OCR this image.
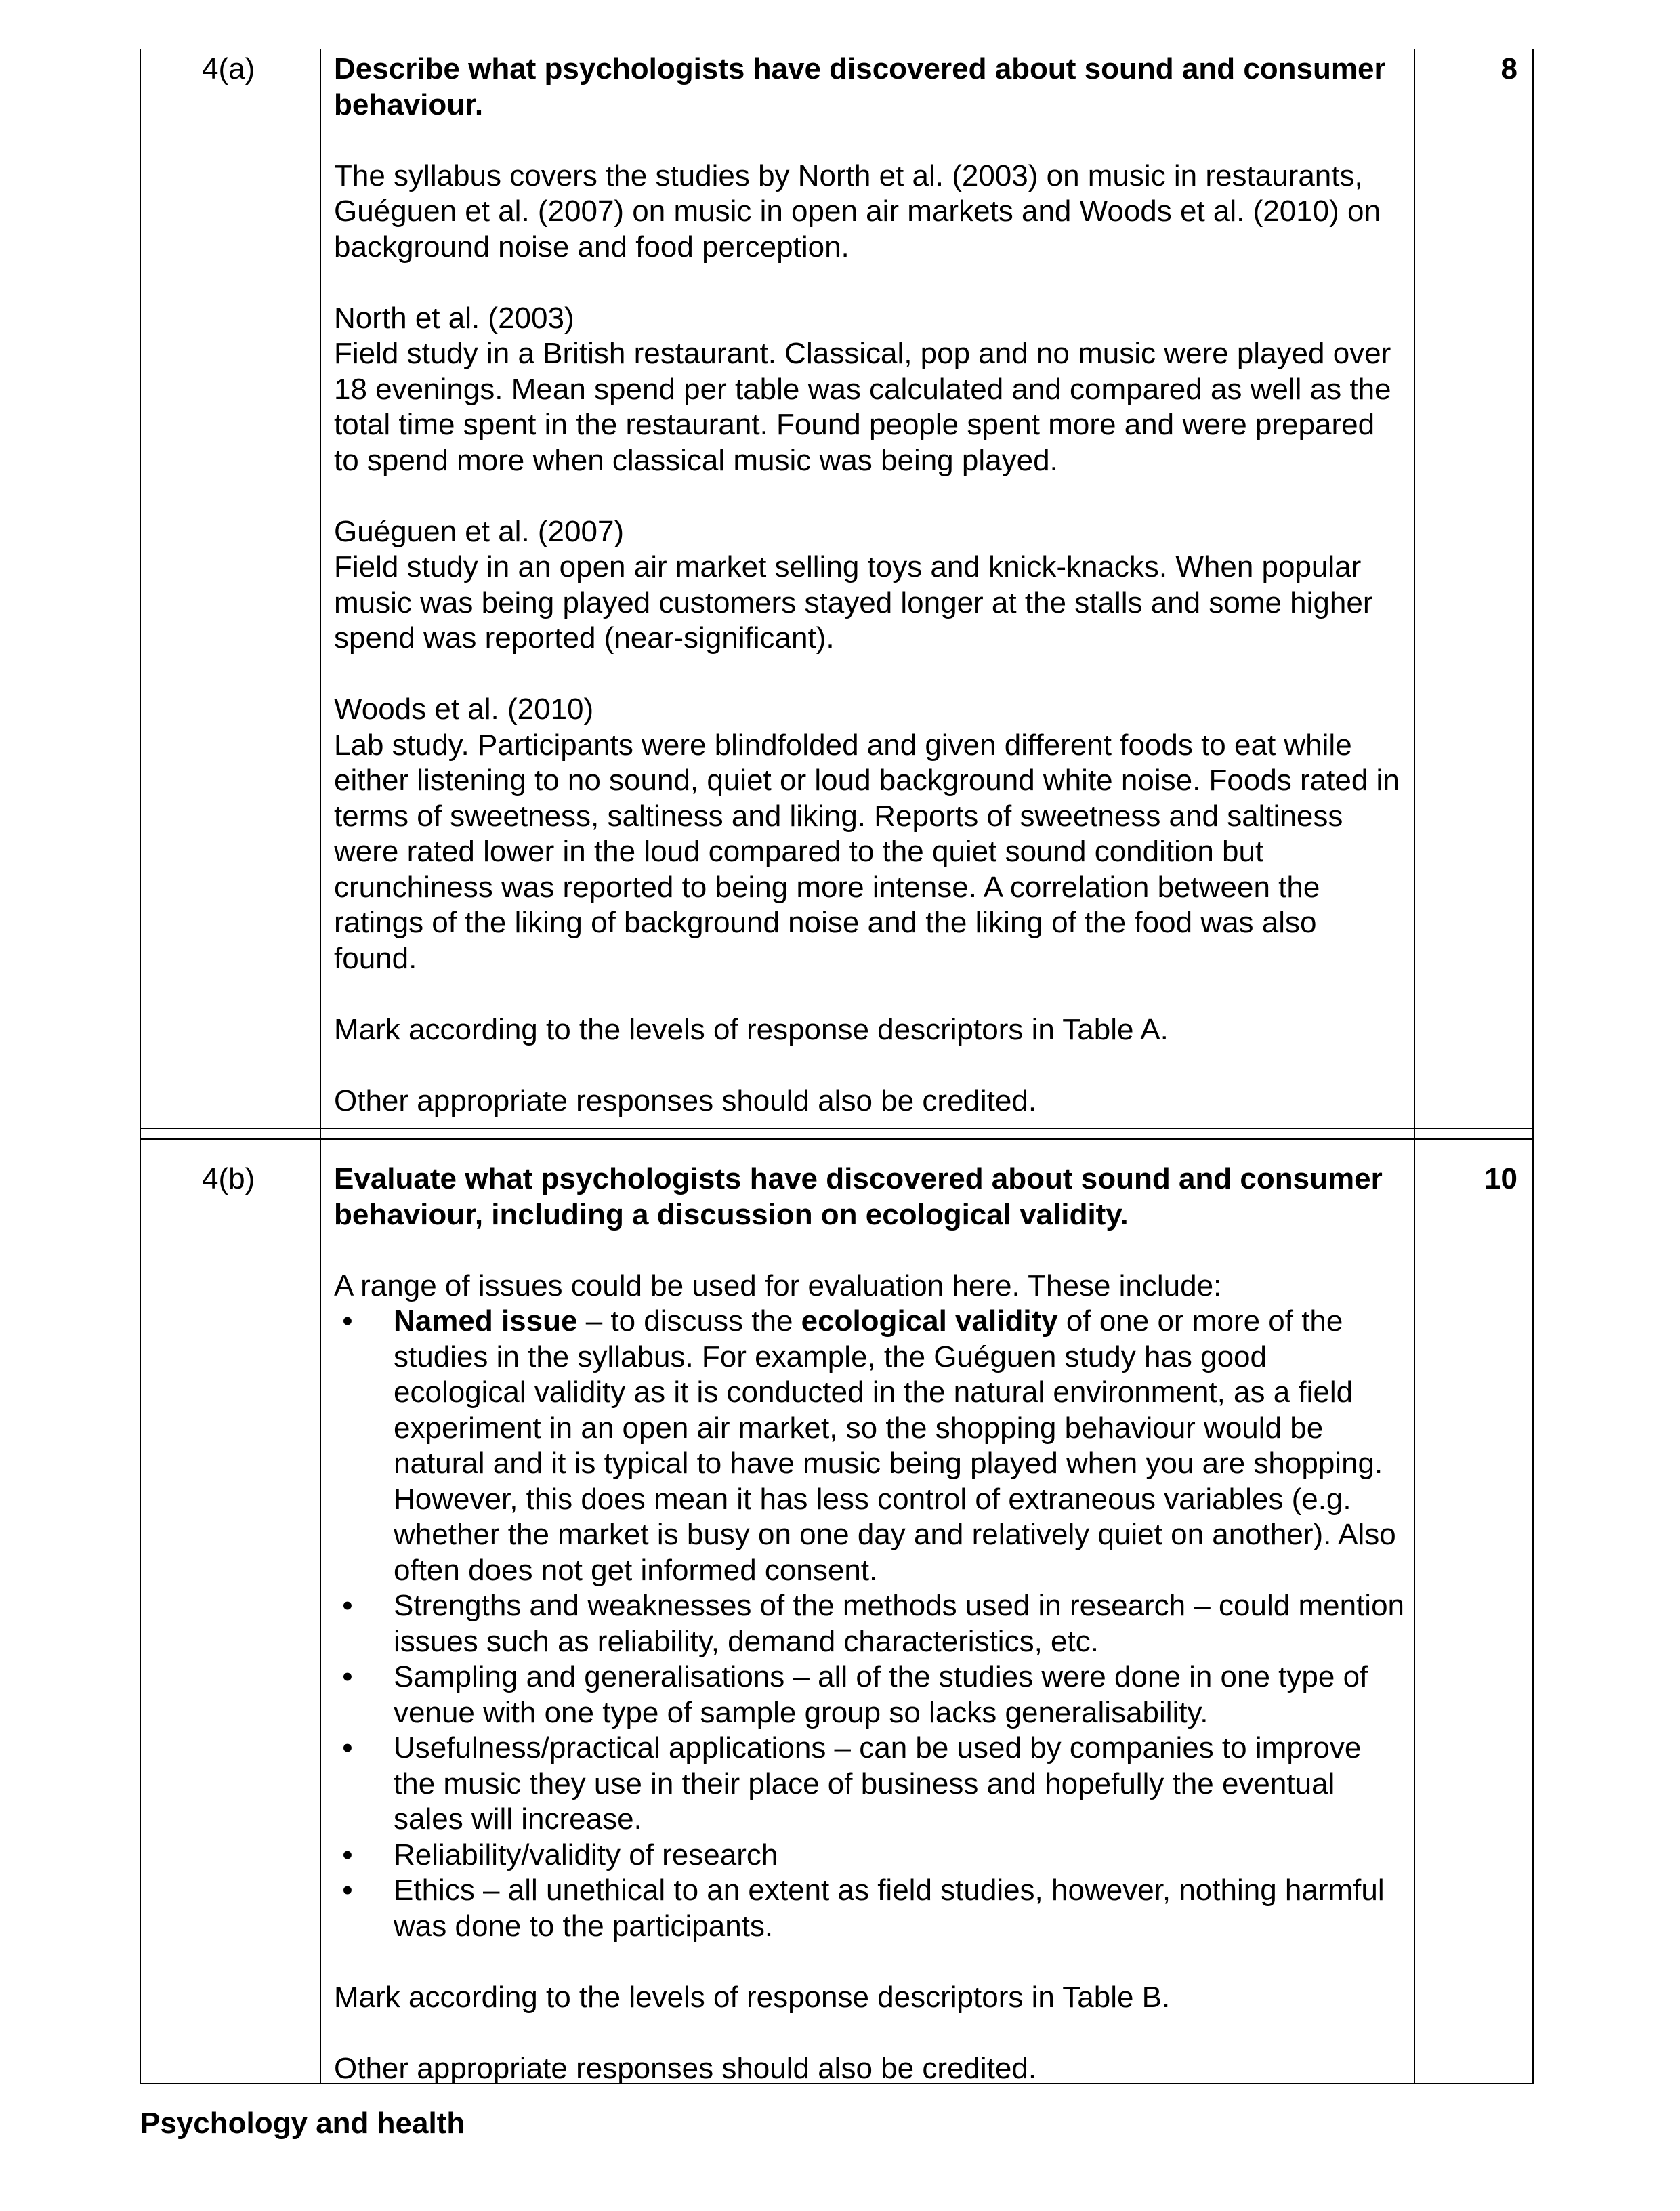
4(a)	8

Describe what psychologists have discovered about sound and consumer behaviour.

The syllabus covers the studies by North et al. (2003) on music in restaurants, Guéguen et al. (2007) on music in open air markets and Woods et al. (2010) on background noise and food perception.

North et al. (2003)

Field study in a British restaurant. Classical, pop and no music were played over 18 evenings. Mean spend per table was calculated and compared as well as the total time spent in the restaurant. Found people spent more and were prepared to spend more when classical music was being played.

Guéguen et al. (2007)

Field study in an open air market selling toys and knick-knacks. When popular music was being played customers stayed longer at the stalls and some higher spend was reported (near-significant).

Woods et al. (2010)

Lab study. Participants were blindfolded and given different foods to eat while either listening to no sound, quiet or loud background white noise. Foods rated in terms of sweetness, saltiness and liking. Reports of sweetness and saltiness were rated lower in the loud compared to the quiet sound condition but crunchiness was reported to being more intense. A correlation between the ratings of the liking of background noise and the liking of the food was also found.

Mark according to the levels of response descriptors in Table A.

Other appropriate responses should also be credited.

4(b)	10

Evaluate what psychologists have discovered about sound and consumer behaviour, including a discussion on ecological validity.

A range of issues could be used for evaluation here. These include:

• Named issue – to discuss the ecological validity of one or more of the studies in the syllabus. For example, the Guéguen study has good ecological validity as it is conducted in the natural environment, as a field experiment in an open air market, so the shopping behaviour would be natural and it is typical to have music being played when you are shopping. However, this does mean it has less control of extraneous variables (e.g. whether the market is busy on one day and relatively quiet on another). Also often does not get informed consent.
• Strengths and weaknesses of the methods used in research – could mention issues such as reliability, demand characteristics, etc.
• Sampling and generalisations – all of the studies were done in one type of venue with one type of sample group so lacks generalisability.
• Usefulness/practical applications – can be used by companies to improve the music they use in their place of business and hopefully the eventual sales will increase.
• Reliability/validity of research
• Ethics – all unethical to an extent as field studies, however, nothing harmful was done to the participants.

Mark according to the levels of response descriptors in Table B.

Other appropriate responses should also be credited.

Psychology and health
